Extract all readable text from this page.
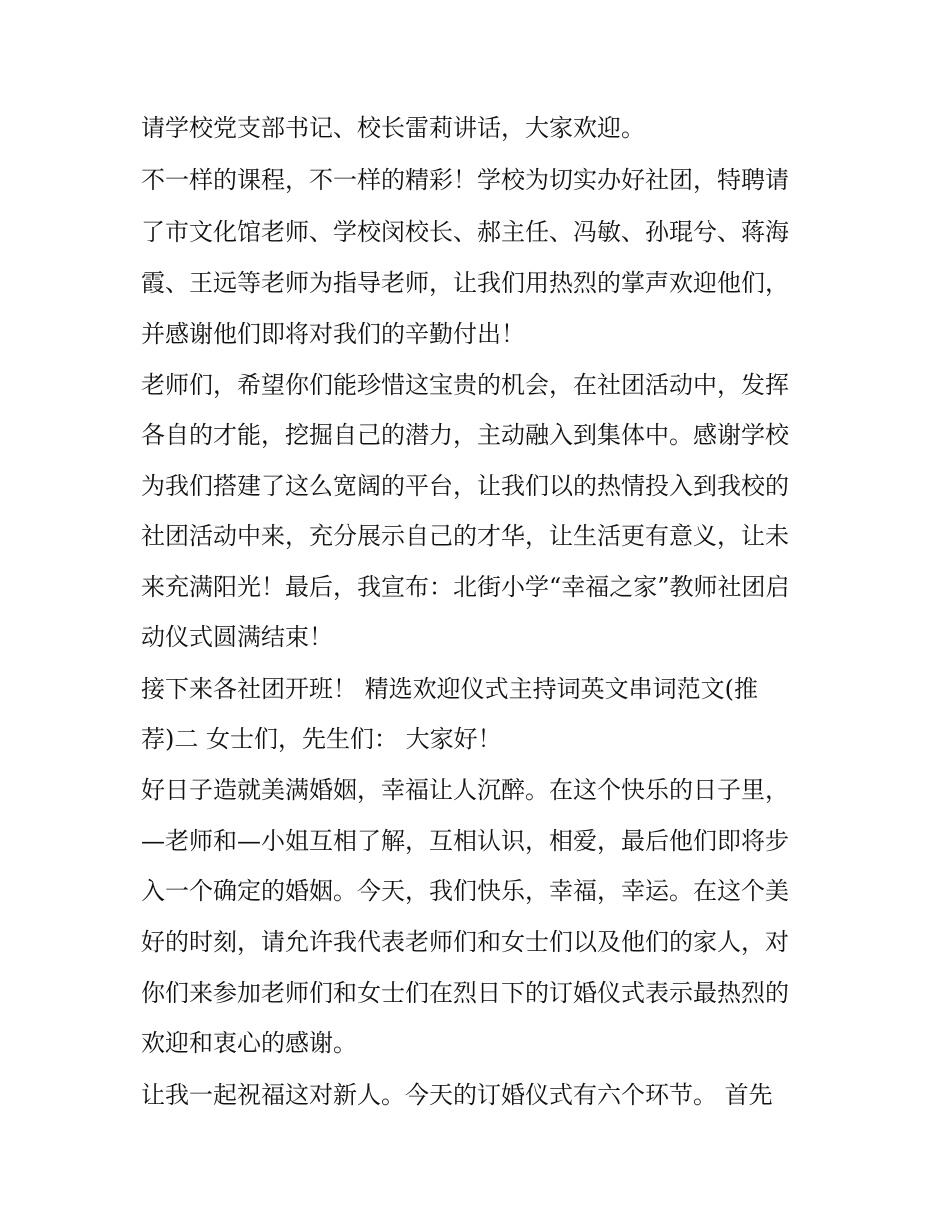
请学校党支部书记、校长雷莉讲话，大家欢迎。
不一样的课程，不一样的精彩！学校为切实办好社团，特聘请
了市文化馆老师、学校闵校长、郝主任、冯敏、孙琨兮、蒋海
霞、王远等老师为指导老师，让我们用热烈的掌声欢迎他们，
并感谢他们即将对我们的辛勤付出！
老师们，希望你们能珍惜这宝贵的机会，在社团活动中，发挥
各自的才能，挖掘自己的潜力，主动融入到集体中。感谢学校
为我们搭建了这么宽阔的平台，让我们以的热情投入到我校的
社团活动中来，充分展示自己的才华，让生活更有意义，让未
来充满阳光！最后，我宣布：北街小学“幸福之家”教师社团启
动仪式圆满结束！
接下来各社团开班！ 精选欢迎仪式主持词英文串词范文(推
荐)二 女士们，先生们： 大家好！
好日子造就美满婚姻，幸福让人沉醉。在这个快乐的日子里，
—老师和—小姐互相了解，互相认识，相爱，最后他们即将步
入一个确定的婚姻。今天，我们快乐，幸福，幸运。在这个美
好的时刻，请允许我代表老师们和女士们以及他们的家人，对
你们来参加老师们和女士们在烈日下的订婚仪式表示最热烈的
欢迎和衷心的感谢。
让我一起祝福这对新人。今天的订婚仪式有六个环节。 首先
